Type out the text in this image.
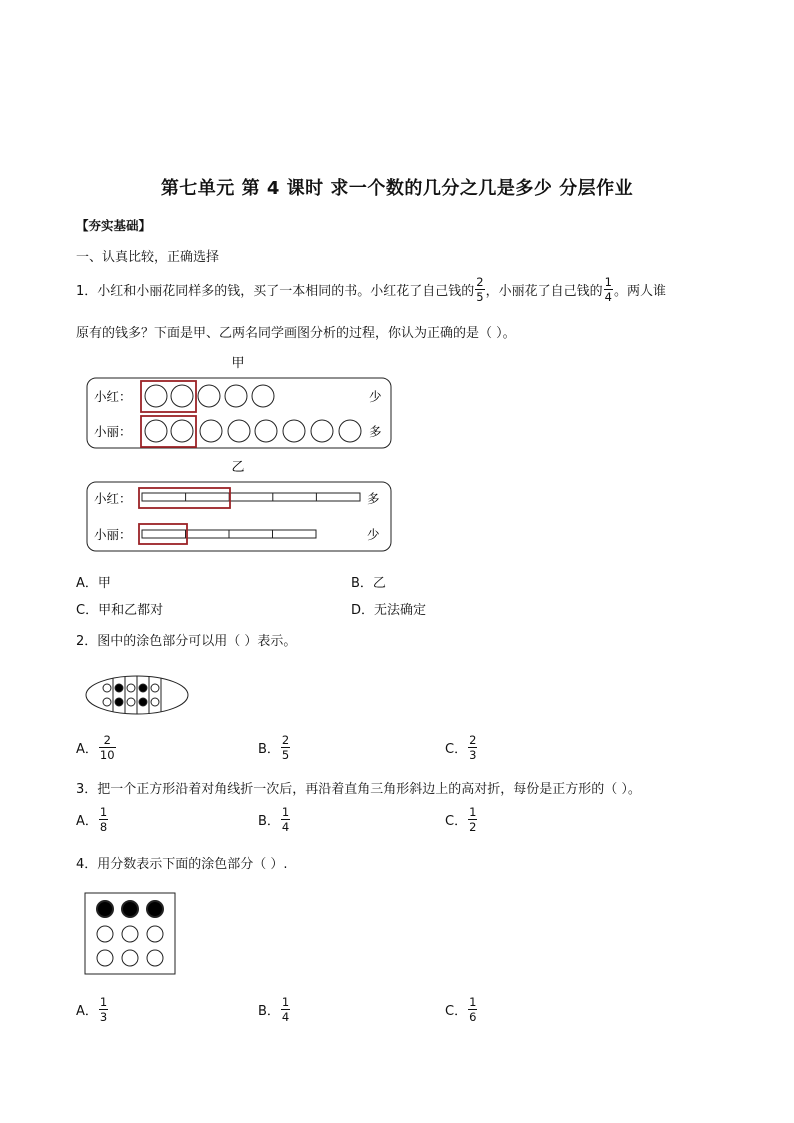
第七单元 第 4 课时 求一个数的几分之几是多少 分层作业
【夯实基础】
一、认真比较，正确选择
1．小红和小丽花同样多的钱，买了一本相同的书。小红花了自己钱的 $\frac{2}{5}$ ，小丽花了自己钱的 $\frac{1}{4}$ 。两人谁
原有的钱多？下面是甲、乙两名同学画图分析的过程，你认为正确的是（ ）。
甲
小红：	少
小丽：	多
乙
小红：	多
小丽：	少
A． 甲	B． 乙
C． 甲和乙都对	D． 无法确定
2．图中的涂色部分可以用（ ）表示。
A． $\frac{2}{10}$	B． $\frac{2}{5}$	C． $\frac{2}{3}$
3．把一个正方形沿着对角线折一次后，再沿着直角三角形斜边上的高对折，每份是正方形的（ ）。
A． $\frac{1}{8}$	B． $\frac{1}{4}$	C． $\frac{1}{2}$
4．用分数表示下面的涂色部分（ ）.
A． $\frac{1}{3}$	B． $\frac{1}{4}$	C． $\frac{1}{6}$
